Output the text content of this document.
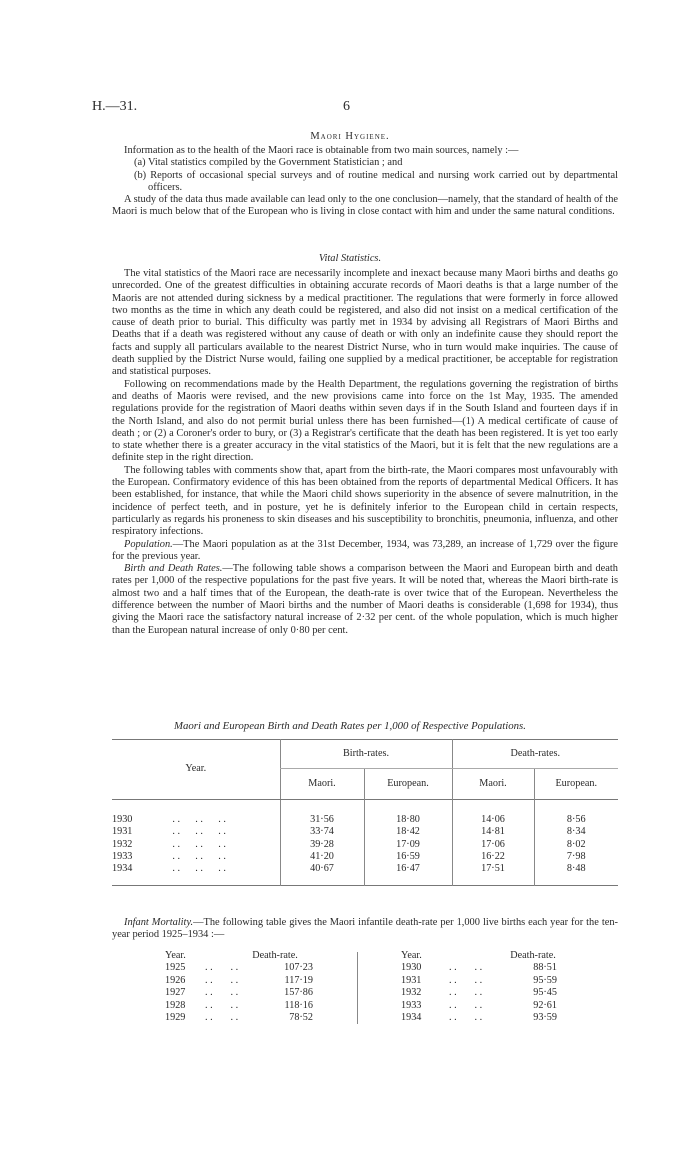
H.—31.	6
Maori Hygiene.

Information as to the health of the Maori race is obtainable from two main sources, namely :—

(a) Vital statistics compiled by the Government Statistician ; and
(b) Reports of occasional special surveys and of routine medical and nursing work carried out by departmental officers.

A study of the data thus made available can lead only to the one conclusion—namely, that the standard of health of the Maori is much below that of the European who is living in close contact with him and under the same natural conditions.

Vital Statistics.

The vital statistics of the Maori race are necessarily incomplete and inexact because many Maori births and deaths go unrecorded. One of the greatest difficulties in obtaining accurate records of Maori deaths is that a large number of the Maoris are not attended during sickness by a medical practitioner. The regulations that were formerly in force allowed two months as the time in which any death could be registered, and also did not insist on a medical certification of the cause of death prior to burial. This difficulty was partly met in 1934 by advising all Registrars of Maori Births and Deaths that if a death was registered without any cause of death or with only an indefinite cause they should report the facts and supply all particulars available to the nearest District Nurse, who in turn would make inquiries. The cause of death supplied by the District Nurse would, failing one supplied by a medical practitioner, be acceptable for registration and statistical purposes.

Following on recommendations made by the Health Department, the regulations governing the registration of births and deaths of Maoris were revised, and the new provisions came into force on the 1st May, 1935. The amended regulations provide for the registration of Maori deaths within seven days if in the South Island and fourteen days if in the North Island, and also do not permit burial unless there has been furnished—(1) A medical certificate of cause of death ; or (2) a Coroner's order to bury, or (3) a Registrar's certificate that the death has been registered. It is yet too early to state whether there is a greater accuracy in the vital statistics of the Maori, but it is felt that the new regulations are a definite step in the right direction.

The following tables with comments show that, apart from the birth-rate, the Maori compares most unfavourably with the European. Confirmatory evidence of this has been obtained from the reports of departmental Medical Officers. It has been established, for instance, that while the Maori child shows superiority in the absence of severe malnutrition, in the incidence of perfect teeth, and in posture, yet he is definitely inferior to the European child in certain respects, particularly as regards his proneness to skin diseases and his susceptibility to bronchitis, pneumonia, influenza, and other respiratory infections.

Population.—The Maori population as at the 31st December, 1934, was 73,289, an increase of 1,729 over the figure for the previous year.

Birth and Death Rates.—The following table shows a comparison between the Maori and European birth and death rates per 1,000 of the respective populations for the past five years. It will be noted that, whereas the Maori birth-rate is almost two and a half times that of the European, the death-rate is over twice that of the European. Nevertheless the difference between the number of Maori births and the number of Maori deaths is considerable (1,698 for 1934), thus giving the Maori race the satisfactory natural increase of 2·32 per cent. of the whole population, which is much higher than the European natural increase of only 0·80 per cent.

Maori and European Birth and Death Rates per 1,000 of Respective Populations.
Year.	Birth-rates.		Death-rates.	
	Maori.	European.	Maori.	European.

1930 . .      . .      . .	31·56	18·80	14·06	8·56
1931 . .      . .      . .	33·74	18·42	14·81	8·34
1932 . .      . .      . .	39·28	17·09	17·06	8·02
1933 . .      . .      . .	41·20	16·59	16·22	7·98
1934 . .      . .      . .	40·67	16·47	17·51	8·48

Infant Mortality.—The following table gives the Maori infantile death-rate per 1,000 live births each year for the ten-year period 1925–1934 :—
Year.	Death-rate.
1925 . .       . .	107·23
1926 . .       . .	117·19
1927 . .       . .	157·86
1928 . .       . .	118·16
1929 . .       . .	78·52
Year.	Death-rate.
1930	. .       . .	88·51
1931	. .       . .	95·59
1932	. .       . .	95·45
1933	. .       . .	92·61
1934	. .       . .	93·59
